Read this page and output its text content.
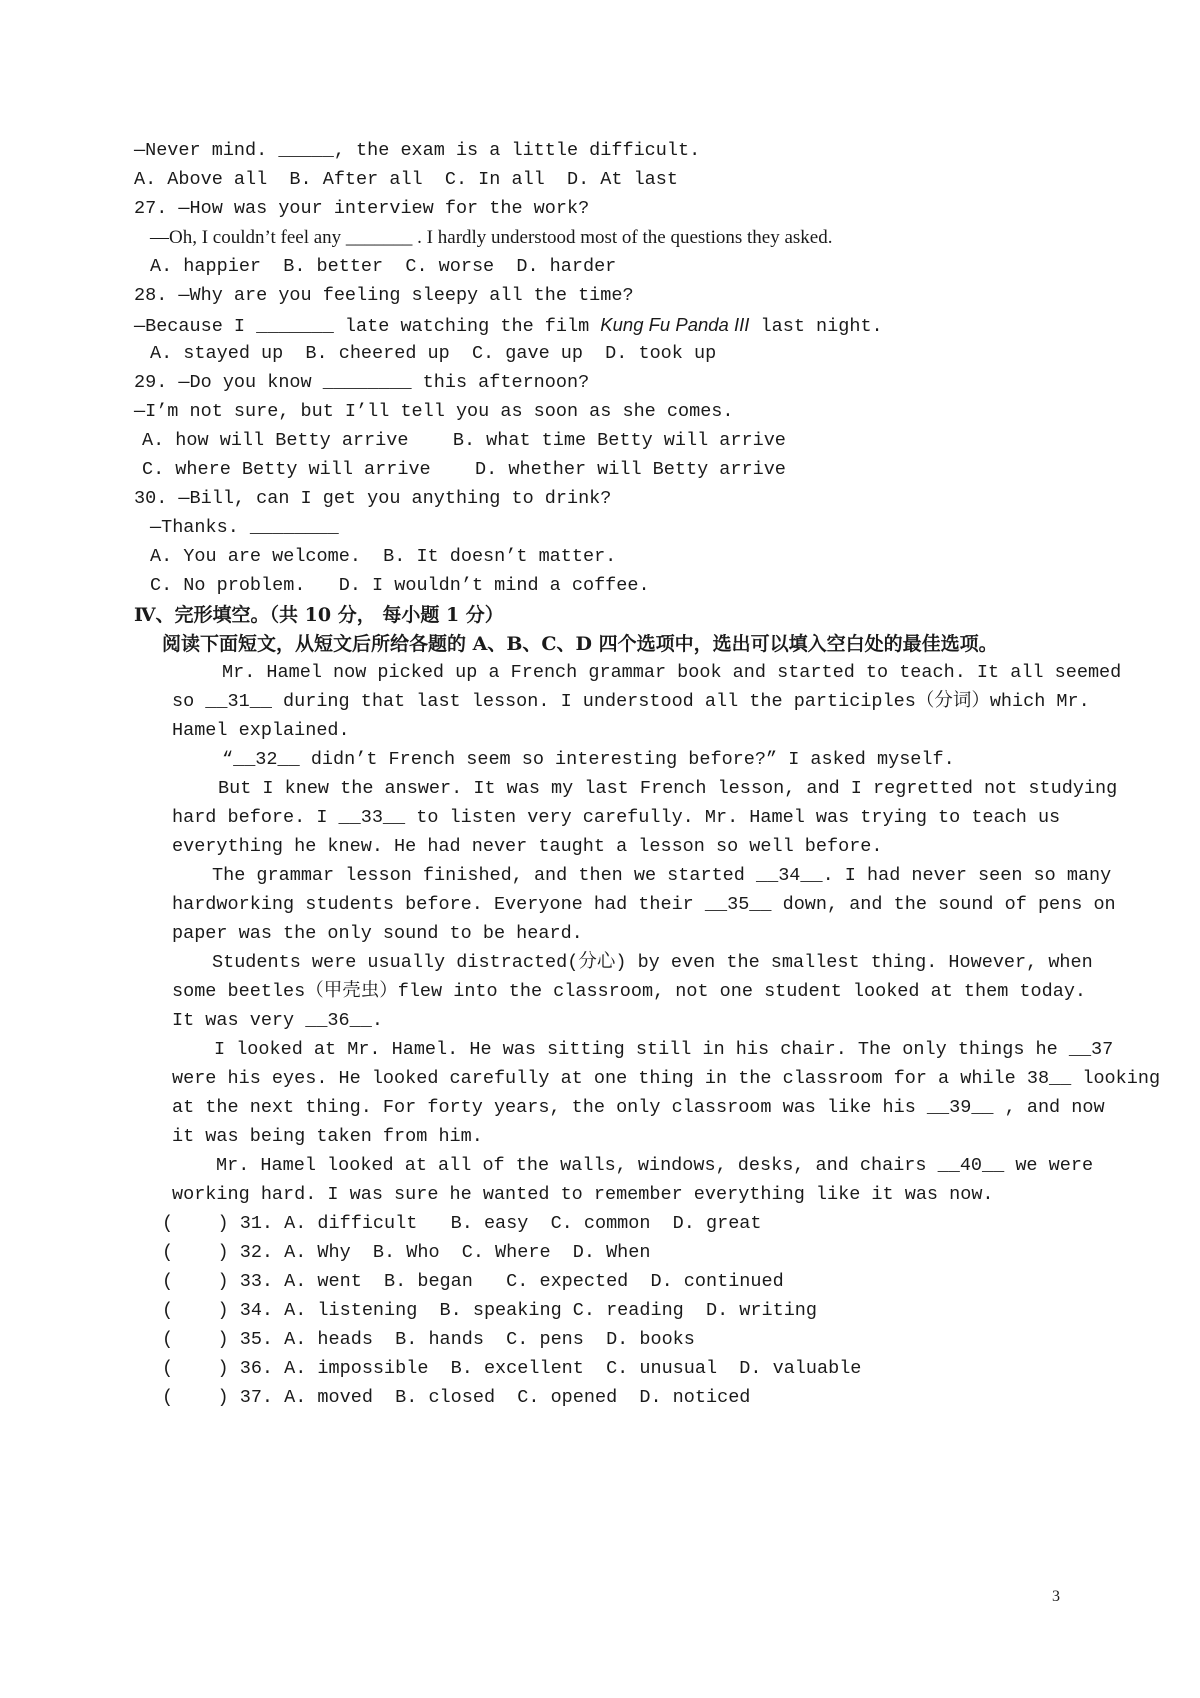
—Never mind. _____, the exam is a little difficult.
A. Above all  B. After all  C. In all  D. At last
27. —How was your interview for the work?
—Oh, I couldn’t feel any _______ . I hardly understood most of the questions they asked.
A. happier  B. better  C. worse  D. harder
28. —Why are you feeling sleepy all the time?
—Because I _______ late watching the film Kung Fu Panda III last night.
A. stayed up  B. cheered up  C. gave up  D. took up
29. —Do you know ________ this afternoon?
—I’m not sure, but I’ll tell you as soon as she comes.
A. how will Betty arrive    B. what time Betty will arrive
C. where Betty will arrive    D. whether will Betty arrive
30. —Bill, can I get you anything to drink?
—Thanks. ________
A. You are welcome.  B. It doesn’t matter.
C. No problem.   D. I wouldn’t mind a coffee.
Ⅳ、完形填空。（共 10 分， 每小题 1 分）
阅读下面短文，从短文后所给各题的 A、B、C、D 四个选项中，选出可以填入空白处的最佳选项。
Mr. Hamel now picked up a French grammar book and started to teach. It all seemed
so __31__ during that last lesson. I understood all the participles（分词）which Mr.
Hamel explained.
“__32__ didn’t French seem so interesting before?” I asked myself.
But I knew the answer. It was my last French lesson, and I regretted not studying
hard before. I __33__ to listen very carefully. Mr. Hamel was trying to teach us
everything he knew. He had never taught a lesson so well before.
The grammar lesson finished, and then we started __34__. I had never seen so many
hardworking students before. Everyone had their __35__ down, and the sound of pens on
paper was the only sound to be heard.
Students were usually distracted(分心) by even the smallest thing. However, when
some beetles（甲壳虫）flew into the classroom, not one student looked at them today.
It was very __36__.
I looked at Mr. Hamel. He was sitting still in his chair. The only things he __37
were his eyes. He looked carefully at one thing in the classroom for a while 38__ looking
at the next thing. For forty years, the only classroom was like his __39__ , and now
it was being taken from him.
Mr. Hamel looked at all of the walls, windows, desks, and chairs __40__ we were
working hard. I was sure he wanted to remember everything like it was now.
(    ) 31. A. difficult   B. easy  C. common  D. great
(    ) 32. A. Why  B. Who  C. Where  D. When
(    ) 33. A. went  B. began   C. expected  D. continued
(    ) 34. A. listening  B. speaking C. reading  D. writing
(    ) 35. A. heads  B. hands  C. pens  D. books
(    ) 36. A. impossible  B. excellent  C. unusual  D. valuable
(    ) 37. A. moved  B. closed  C. opened  D. noticed
3
